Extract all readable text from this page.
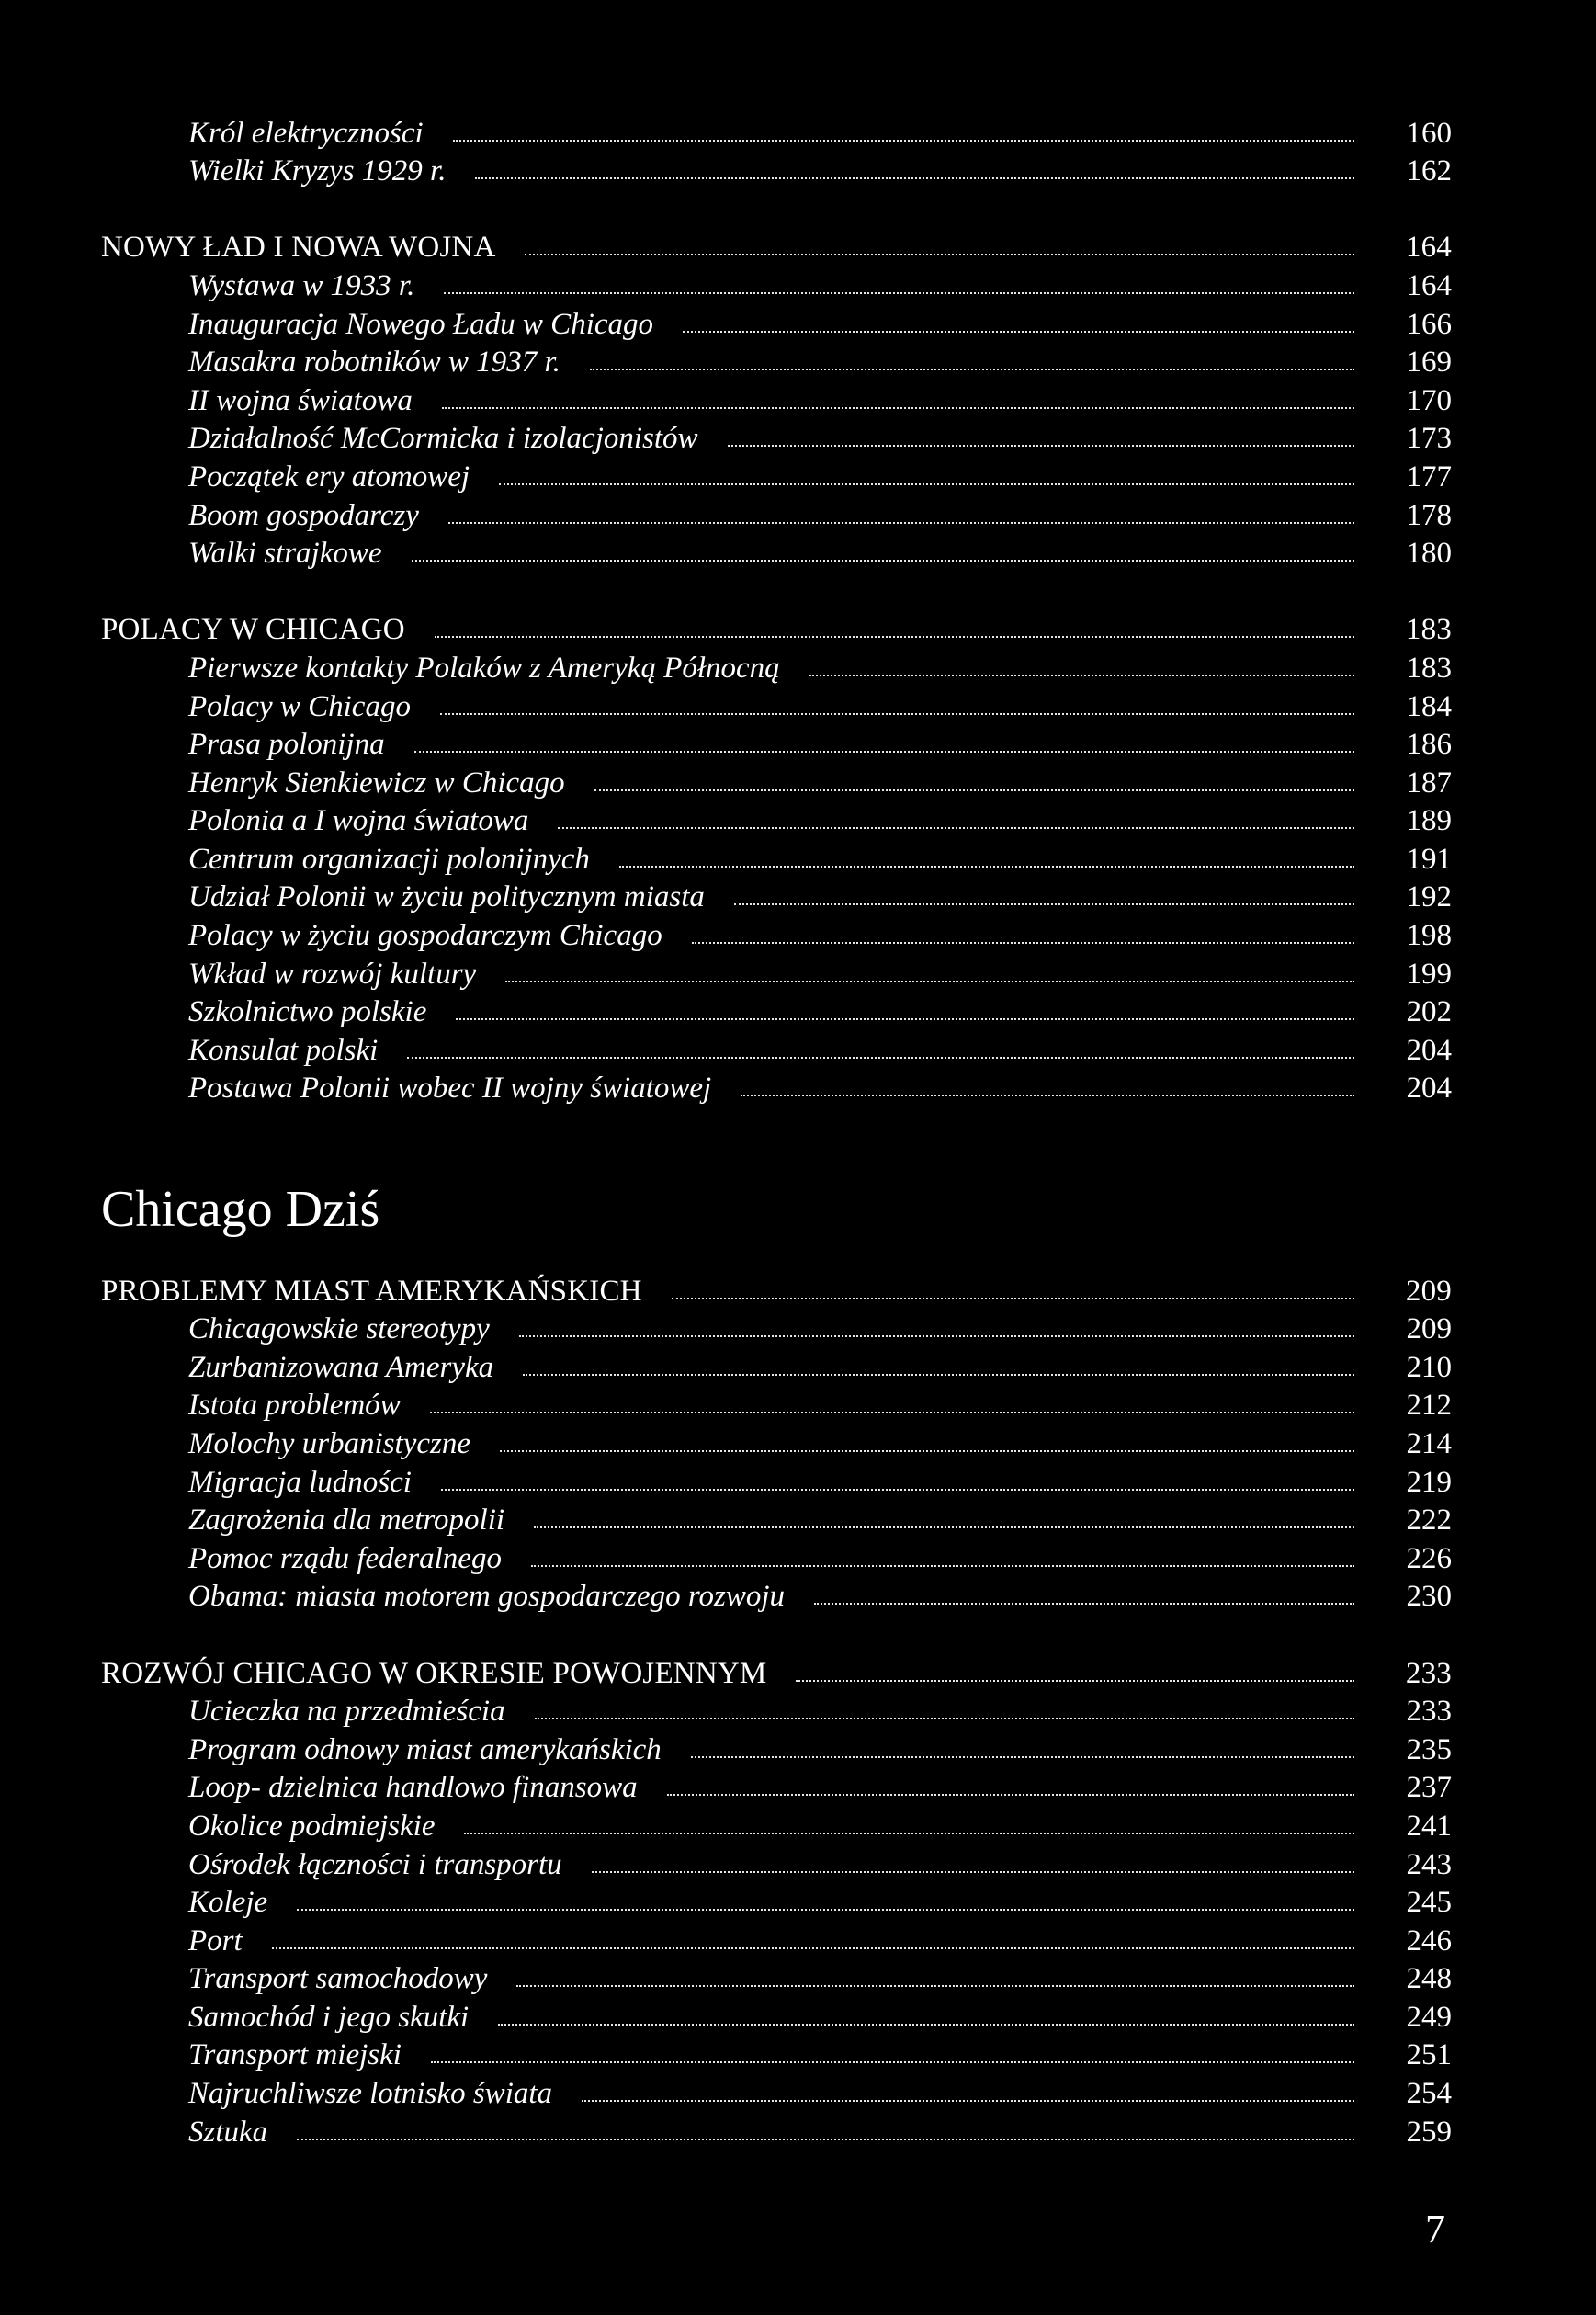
Król elektryczności	160
Wielki Kryzys 1929 r.	162
NOWY ŁAD I NOWA WOJNA	164
Wystawa w 1933 r.	164
Inauguracja Nowego Ładu w Chicago	166
Masakra robotników w 1937 r.	169
II wojna światowa	170
Działalność McCormicka i izolacjonistów	173
Początek ery atomowej	177
Boom gospodarczy	178
Walki strajkowe	180
POLACY W CHICAGO	183
Pierwsze kontakty Polaków z Ameryką Północną	183
Polacy w Chicago	184
Prasa polonijna	186
Henryk Sienkiewicz w Chicago	187
Polonia a I wojna światowa	189
Centrum organizacji polonijnych	191
Udział Polonii w życiu politycznym miasta	192
Polacy w życiu gospodarczym Chicago	198
Wkład w rozwój kultury	199
Szkolnictwo polskie	202
Konsulat polski	204
Postawa Polonii wobec II wojny światowej	204
Chicago Dziś
PROBLEMY MIAST AMERYKAŃSKICH	209
Chicagowskie stereotypy	209
Zurbanizowana Ameryka	210
Istota problemów	212
Molochy urbanistyczne	214
Migracja ludności	219
Zagrożenia dla metropolii	222
Pomoc rządu federalnego	226
Obama: miasta motorem gospodarczego rozwoju	230
ROZWÓJ CHICAGO W OKRESIE POWOJENNYM	233
Ucieczka na przedmieścia	233
Program odnowy miast amerykańskich	235
Loop- dzielnica handlowo finansowa	237
Okolice podmiejskie	241
Ośrodek łączności i transportu	243
Koleje	245
Port	246
Transport samochodowy	248
Samochód i jego skutki	249
Transport miejski	251
Najruchliwsze lotnisko świata	254
Sztuka	259
7
